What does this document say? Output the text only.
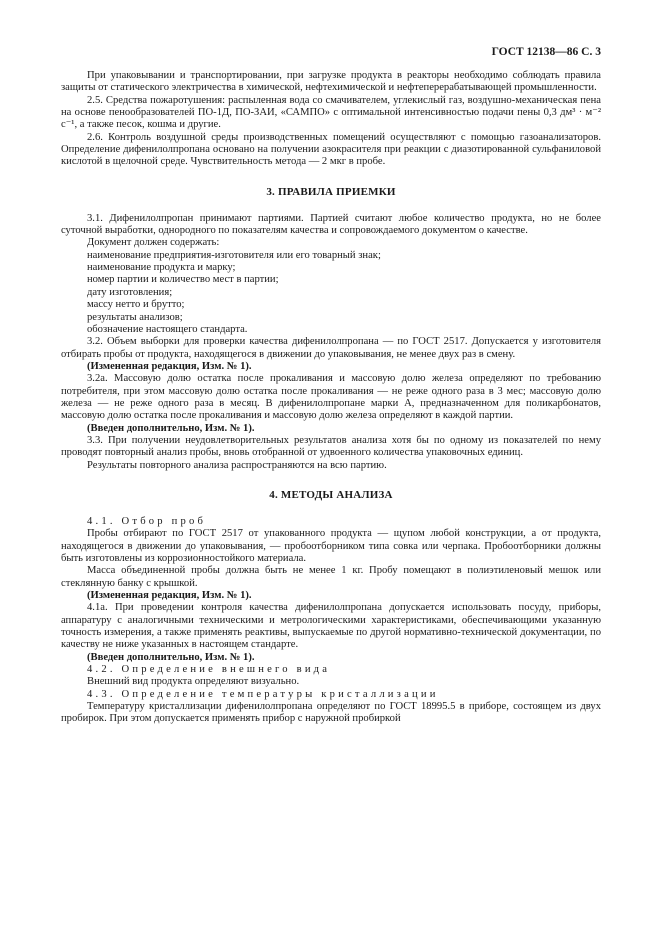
ГОСТ 12138—86 С. 3

При упаковывании и транспортировании, при загрузке продукта в реакторы необходимо соблюдать правила защиты от статического электричества в химической, нефтехимической и нефтеперерабатывающей промышленности.

2.5. Средства пожаротушения: распыленная вода со смачивателем, углекислый газ, воздушно-механическая пена на основе пенообразователей ПО-1Д, ПО-ЗАИ, «САМПО» с оптимальной интенсивностью подачи пены 0,3 дм³ · м⁻² с⁻¹, а также песок, кошма и другие.

2.6. Контроль воздушной среды производственных помещений осуществляют с помощью газоанализаторов. Определение дифенилолпропана основано на получении азокрасителя при реакции с диазотированной сульфаниловой кислотой в щелочной среде. Чувствительность метода — 2 мкг в пробе.

3. ПРАВИЛА ПРИЕМКИ

3.1. Дифенилолпропан принимают партиями. Партией считают любое количество продукта, но не более суточной выработки, однородного по показателям качества и сопровождаемого документом о качестве.

Документ должен содержать:

наименование предприятия-изготовителя или его товарный знак;

наименование продукта и марку;

номер партии и количество мест в партии;

дату изготовления;

массу нетто и брутто;

результаты анализов;

обозначение настоящего стандарта.

3.2. Объем выборки для проверки качества дифенилолпропана — по ГОСТ 2517. Допускается у изготовителя отбирать пробы от продукта, находящегося в движении до упаковывания, не менее двух раз в смену.

(Измененная редакция, Изм. № 1).

3.2а. Массовую долю остатка после прокаливания и массовую долю железа определяют по требованию потребителя, при этом массовую долю остатка после прокаливания — не реже одного раза в 3 мес; массовую долю железа — не реже одного раза в месяц. В дифенилолпропане марки А, предназначенном для поликарбонатов, массовую долю остатка после прокаливания и массовую долю железа определяют в каждой партии.

(Введен дополнительно, Изм. № 1).

3.3. При получении неудовлетворительных результатов анализа хотя бы по одному из показателей по нему проводят повторный анализ пробы, вновь отобранной от удвоенного количества упаковочных единиц.

Результаты повторного анализа распространяются на всю партию.

4. МЕТОДЫ АНАЛИЗА

4.1. Отбор проб

Пробы отбирают по ГОСТ 2517 от упакованного продукта — щупом любой конструкции, а от продукта, находящегося в движении до упаковывания, — пробоотборником типа совка или черпака. Пробоотборники должны быть изготовлены из коррозионностойкого материала.

Масса объединенной пробы должна быть не менее 1 кг. Пробу помещают в полиэтиленовый мешок или стеклянную банку с крышкой.

(Измененная редакция, Изм. № 1).

4.1а. При проведении контроля качества дифенилолпропана допускается использовать посуду, приборы, аппаратуру с аналогичными техническими и метрологическими характеристиками, обеспечивающими указанную точность измерения, а также применять реактивы, выпускаемые по другой нормативно-технической документации, по качеству не ниже указанных в настоящем стандарте.

(Введен дополнительно, Изм. № 1).

4.2. Определение внешнего вида

Внешний вид продукта определяют визуально.

4.3. Определение температуры кристаллизации

Температуру кристаллизации дифенилолпропана определяют по ГОСТ 18995.5 в приборе, состоящем из двух пробирок. При этом допускается применять прибор с наружной пробиркой
